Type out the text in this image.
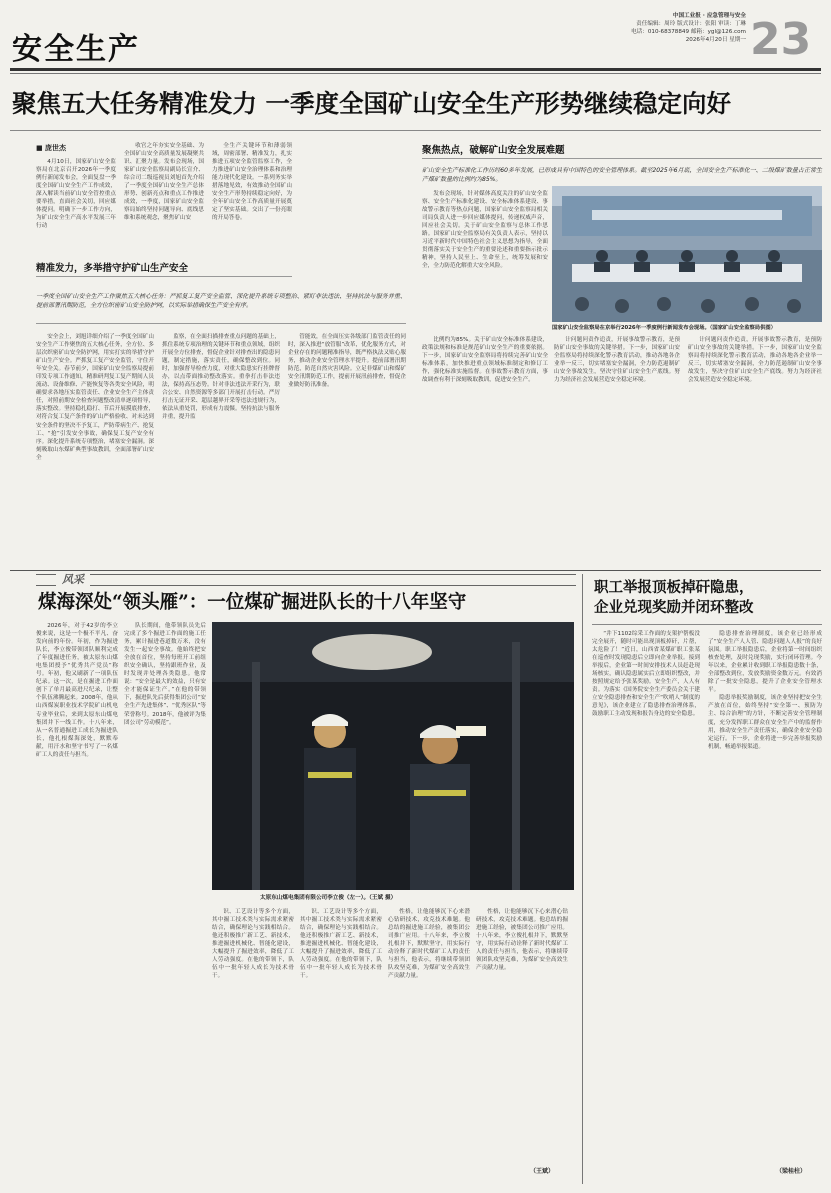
安全生产
中国工业报 · 应急管理与安全
责任编辑：周玲 版式设计：张阳 审读：丁琳
电话：010-68378849 邮箱：ygl@126.com
2026年4月20日 星期一 23
聚焦五大任务精准发力 一季度全国矿山安全生产形势继续稳定向好
■ 庞世杰

4月10日，国家矿山安全监察局在北京召开2026年一季度例行新闻发布会，全面复盘一季度全国矿山安全生产工作成效，深入解读当前矿山安全管控重点要举措，直面社会关切，回应媒体提问。明确下一步工作方向，为矿山安全生产高水平发展三年行动

收官之年夯实安全基础、为全国矿山安全高质量发展凝聚共识、汇聚力量。发布会现场，国家矿山安全监察局副局长宣介、综合司二级巡视员刘旭首先介绍了一季度全国矿山安全生产总体形势、创新亮点和重点工作推进成效，一季度，国家矿山安全监察局始终坚持问题导向、底线思维和系统观念，聚焦矿山安

全生产关键环节和薄弱领域，周密部署、精准发力，扎实推进五项安全监管监察工作，全力推进矿山安全治理体系和治理能力现代化建设。一系列务实举措落地见效，有效推动全国矿山安全生产形势持续稳定向好，为全年矿山安全工作高质量开展奠定了坚实基础。交出了一份亮眼的开局答卷。

精准发力，多举措守护矿山生产安全
一季度全国矿山安全生产工作聚焦五大核心任务：严抓复工复产安全监管、深化提升系统专项整治、紧盯非法违法、坚持抗法与服务并重、提前部署汛期防范，全方位织密矿山安全防护网，以实际举措确保生产安全有序。

安全会上，刘旭详细介绍了一季度全国矿山安全生产工作聚焦的五大核心任务，全方位、多层次织密矿山安全防护网，用实打实的举措守护矿山生产安全。严抓复工复产安全监管，守住开年安全关。春节前夕，国家矿山安全监察局提前印发专项工作通知，精准研判复工复产期间人员流动、设备维修、产能恢复等各类安全风险，明确要求各地压实监管责任、企业安全生产主体责任，对照前期安全检查问题整改清单逐项督导，落实整改。坚持稳扎稳打、节后开展摸底排查，对符合复工复产条件的矿山严格验收、对未达到安全条件的坚决不予复工，严防带病生产、抢复工、“抢”引发安全事故，确保复工复产安全有序。深化提升系统专项整治，堵塞安全漏洞。深刻吸取山东煤矿典型事故教训，全面部署矿山安全

监察，在全面扫描排查重点问题的基础上，抓住系统专项治理的关键环节和重点领域，组织开展全方位排查，督促企业针对排查出的隐患问题，制定措施，落实责任，确保整改到位。同时，加强督导检查力度，对重大隐患实行挂牌督办，以点带面推动整改落实。重拳打击非法违法，保持高压态势。针对非法违法开采行为，联合公安、自然资源等多部门开展打击行动。严厉打击无证开采、超层越界开采等违法违规行为，依法从重处罚，形成有力震慑。坚持抗法与服务并重，提升监

管能效，在全面压实各级部门监管责任的同时，深入推进“放管服”改革，优化服务方式，对企业存在的问题精准指导，既严格执法又贴心服务，推动企业安全管理水平提升。提前部署汛期防范，防范自然灾害风险。立足非煤矿山和煤矿安全汛期防范工作，提前开展汛前排查，督促企业做好防汛准备。

聚焦热点，破解矿山安全发展难题
矿山安全生产标准化工作历经60多年发展，已形成具有中国特色的安全管理体系。截至2025年6月底，全国安全生产标准化一、二级煤矿数量占正常生产煤矿数量的比例约为85%。

发布会现场，针对媒体高度关注的矿山安全监察、安全生产标准化建设、安全标准体系建设、事故警示教育等热点问题，国家矿山安全监察局相关司局负责人进一步回应媒体提问，传递权威声音，回应社会关切。关于矿山安全监察与总体工作思路。国家矿山安全监察局有关负责人表示，坚持以习近平新时代中国特色社会主义思想为指导，全面贯彻落实关于安全生产的重要论述和重要指示批示精神，坚持人民至上、生命至上，统筹发展和安全，全力防范化解重大安全风险。

国家矿山安全监察局在京举行2026年一季度例行新闻发布会现场。（国家矿山安全监察局供图）

比例约为85%。关于矿山安全标准体系建设，政策法规和标准是规范矿山安全生产的重要依据。下一步，国家矿山安全监察局将持续完善矿山安全标准体系，加快推进重点领域标准制定和修订工作，强化标准实施监督。在事故警示教育方面，事故调查有利于深刻吸取教训，促进安全生产。

计问题问责作追责，开展事故警示教育，是预防矿山安全事故的关键举措。下一步，国家矿山安全监察局将持续深化警示教育活动，推动各地各企业举一反三，切实堵塞安全漏洞，全力防范遏制矿山安全事故发生，坚决守住矿山安全生产底线。努力为经济社会发展营造安全稳定环境。

计问题问责作追责，开展事故警示教育，是预防矿山安全事故的关键举措。下一步，国家矿山安全监察局将持续深化警示教育活动，推动各地各企业举一反三，切实堵塞安全漏洞，全力防范遏制矿山安全事故发生，坚决守住矿山安全生产底线。努力为经济社会发展营造安全稳定环境。

风采
煤海深处“领头雁”：一位煤矿掘进队长的十八年坚守

2026年，对于42岁的李立俊来说，这是一个极不平凡、奋发向前的年份。年初，作为掘进队长，李立俊带领团队顺利完成了年度掘进任务，被太原东山煤电集团授予“优秀共产党员”称号。年初，他又刷新了一项队伍纪录。这一次，是在掘进工作面创下了单月最高进尺纪录，让整个队伍沸腾起来。2008年，他从山西煤炭职业技术学院矿山机电专业毕业后，来到太原东山煤电集团井下一线工作。十八年来，从一名普通掘进工成长为掘进队长，他扎根煤海深处，默默奉献，用汗水和坚守书写了一名煤矿工人的责任与担当。

队长期间，他带领队员先后完成了多个掘进工作面的施工任务，累计掘进巷道数万米，没有发生一起安全事故。他始终把安全放在首位，坚持每班开工前组织安全确认，坚持跟班作业，及时发现并处理各类隐患。他常说：“安全是最大的效益，只有安全才能保证生产。”在他的带领下，掘进队先后获得集团公司“安全生产先进集体”、“优秀区队”等荣誉称号。2018年，他被评为集团公司“劳动模范”。

太原东山煤电集团有限公司李立俊（左一）。（王斌 摄）

识、工艺设计等多个方面，其中掘工技术类与实际需求紧密结合，确保理论与实践相结合。他还积极推广新工艺、新技术，推进掘进机械化、智能化建设，大幅提升了掘进效率，降低了工人劳动强度。在他的带领下，队伍中一批年轻人成长为技术骨干。

识、工艺设计等多个方面，其中掘工技术类与实际需求紧密结合，确保理论与实践相结合。他还积极推广新工艺、新技术，推进掘进机械化、智能化建设，大幅提升了掘进效率，降低了工人劳动强度。在他的带领下，队伍中一批年轻人成长为技术骨干。

性格，让他能够沉下心来潜心钻研技术，攻克技术难题。他总结的掘进施工经验，被集团公司推广应用。十八年来，李立俊扎根井下，默默坚守，用实际行动诠释了新时代煤矿工人的责任与担当，他表示，将继续带领团队攻坚克难，为煤矿安全高效生产贡献力量。

性格，让他能够沉下心来潜心钻研技术，攻克技术难题。他总结的掘进施工经验，被集团公司推广应用。十八年来，李立俊扎根井下，默默坚守，用实际行动诠释了新时代煤矿工人的责任与担当，他表示，将继续带领团队攻坚克难，为煤矿安全高效生产贡献力量。

（王斌）
职工举报顶板掉矸隐患，
企业兑现奖励并闭环整改

“井下1102综采工作面的支架护帮板没完全展开，随时可能出现顶板掉矸，片帮，太危险了！”近日，山西省某煤矿职工张某在巡查时发现隐患后立即向企业举报。接到举报后，企业第一时间安排技术人员赶赴现场核实，确认隐患属实后立即组织整改，并按照规定给予张某奖励。安全生产，人人有责。为落实《国务院安全生产委员会关于建立安全隐患排查和安全生产“吹哨人”制度的意见》，该企业建立了隐患排查治理体系，鼓励职工主动发现和报告身边的安全隐患。

隐患排查治理制度，该企业已经形成了“安全生产人人管、隐患问题人人报”的良好氛围。职工举报隐患后，企业将第一时间组织核查处理，及时兑现奖励，实行闭环管理。今年以来，企业累计收到职工举报隐患数十条，全部整改到位，发放奖励资金数万元。有效消除了一批安全隐患，提升了企业安全管理水平。

隐患举报奖励制度，该企业坚持把安全生产放在首位，始终坚持“安全第一、预防为主、综合治理”的方针，不断完善安全管理制度，充分发挥职工群众在安全生产中的监督作用，推动安全生产责任落实，确保企业安全稳定运行。下一步，企业将进一步完善举报奖励机制，畅通举报渠道。

（梁桂柱）
